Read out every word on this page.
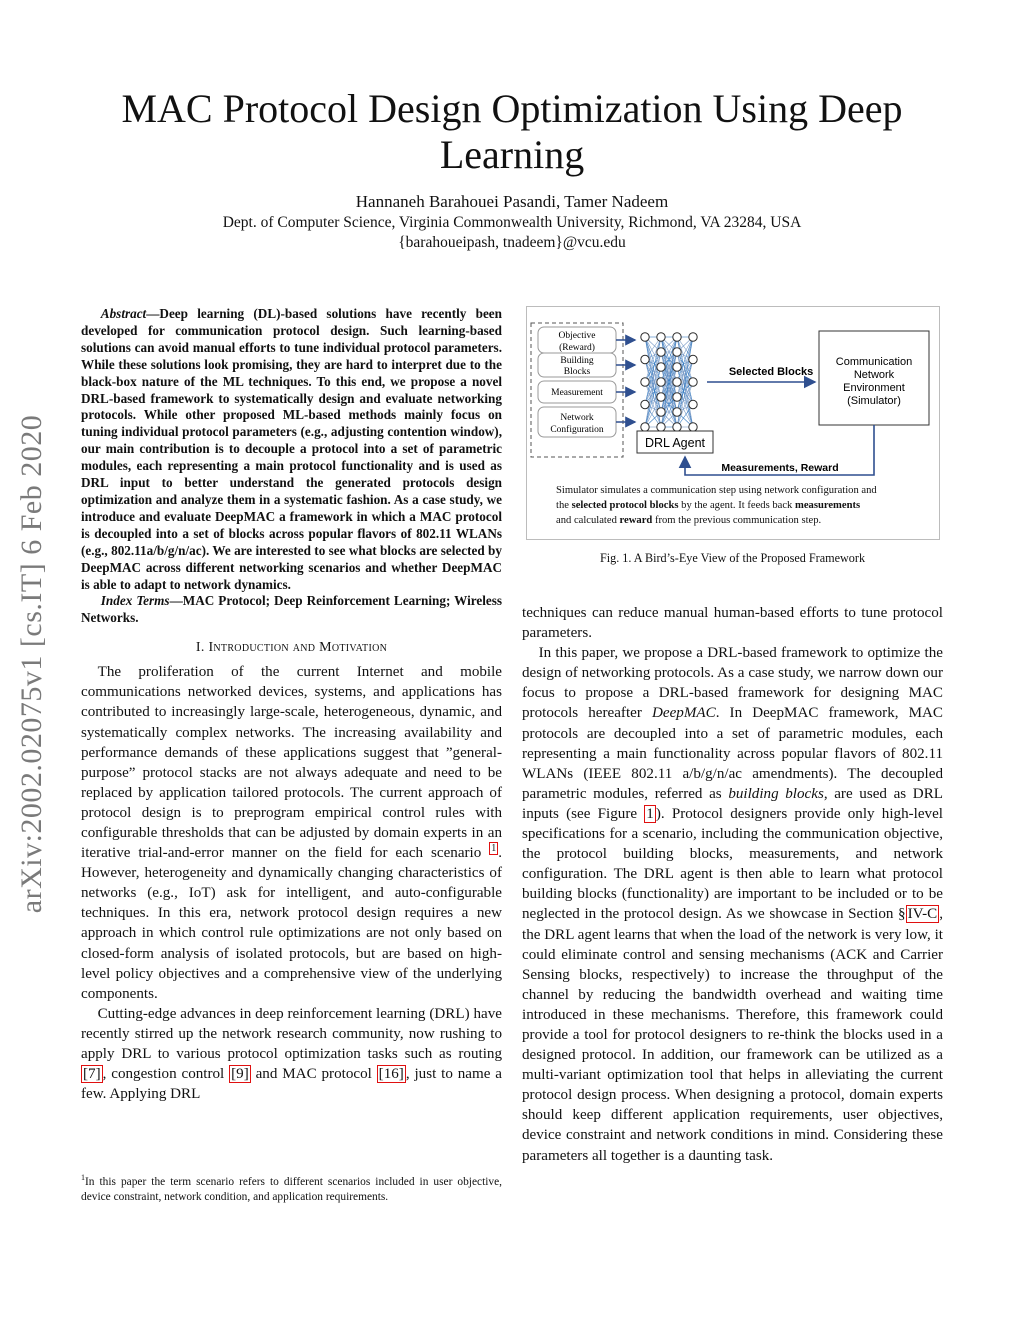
MAC Protocol Design Optimization Using Deep Learning
Hannaneh Barahouei Pasandi, Tamer Nadeem
Dept. of Computer Science, Virginia Commonwealth University, Richmond, VA 23284, USA
{barahoueipash, tnadeem}@vcu.edu
arXiv:2002.02075v1 [cs.IT] 6 Feb 2020

Abstract—Deep learning (DL)-based solutions have recently been developed for communication protocol design. Such learning-based solutions can avoid manual efforts to tune individual protocol parameters. While these solutions look promising, they are hard to interpret due to the black-box nature of the ML techniques. To this end, we propose a novel DRL-based framework to systematically design and evaluate networking protocols. While other proposed ML-based methods mainly focus on tuning individual protocol parameters (e.g., adjusting contention window), our main contribution is to decouple a protocol into a set of parametric modules, each representing a main protocol functionality and is used as DRL input to better understand the generated protocols design optimization and analyze them in a systematic fashion. As a case study, we introduce and evaluate DeepMAC a framework in which a MAC protocol is decoupled into a set of blocks across popular flavors of 802.11 WLANs (e.g., 802.11a/b/g/n/ac). We are interested to see what blocks are selected by DeepMAC across different networking scenarios and whether DeepMAC is able to adapt to network dynamics.

Index Terms—MAC Protocol; Deep Reinforcement Learning; Wireless Networks.

I. Introduction and Motivation

The proliferation of the current Internet and mobile communications networked devices, systems, and applications has contributed to increasingly large-scale, heterogeneous, dynamic, and systematically complex networks. The increasing availability and performance demands of these applications suggest that ”general-purpose” protocol stacks are not always adequate and need to be replaced by application tailored protocols. The current approach of protocol design is to preprogram empirical control rules with configurable thresholds that can be adjusted by domain experts in an iterative trial-and-error manner on the field for each scenario $^1$ . However, heterogeneity and dynamically changing characteristics of networks (e.g., IoT) ask for intelligent, and auto-configurable techniques. In this era, network protocol design requires a new approach in which control rule optimizations are not only based on closed-form analysis of isolated protocols, but are based on high-level policy objectives and a comprehensive view of the underlying components.

Cutting-edge advances in deep reinforcement learning (DRL) have recently stirred up the network research community, now rushing to apply DRL to various protocol optimization tasks such as routing [7] , congestion control [9] and MAC protocol [16] , just to name a few. Applying DRL

$^1$In this paper the term scenario refers to different scenarios included in user objective, device constraint, network condition, and application requirements.
Objective
(Reward)
Building
Blocks
Measurement
Network
Configuration
Selected Blocks
Communication
Network
Environment
(Simulator)
DRL Agent
Measurements, Reward
Simulator simulates a communication step using network configuration and
the selected protocol blocks by the agent. It feeds back measurements
and calculated reward from the previous communication step.
Fig. 1. A Bird’s-Eye View of the Proposed Framework

techniques can reduce manual human-based efforts to tune protocol parameters.

In this paper, we propose a DRL-based framework to optimize the design of networking protocols. As a case study, we narrow down our focus to propose a DRL-based framework for designing MAC protocols hereafter DeepMAC. In DeepMAC framework, MAC protocols are decoupled into a set of parametric modules, each representing a main functionality across popular flavors of 802.11 WLANs (IEEE 802.11 a/b/g/n/ac amendments). The decoupled parametric modules, referred as building blocks, are used as DRL inputs (see Figure 1 ). Protocol designers provide only high-level specifications for a scenario, including the communication objective, the protocol building blocks, measurements, and network configuration. The DRL agent is then able to learn what protocol building blocks (functionality) are important to be included or to be neglected in the protocol design. As we showcase in Section § IV-C , the DRL agent learns that when the load of the network is very low, it could eliminate control and sensing mechanisms (ACK and Carrier Sensing blocks, respectively) to increase the throughput of the channel by reducing the bandwidth overhead and waiting time introduced in these mechanisms. Therefore, this framework could provide a tool for protocol designers to re-think the blocks used in a designed protocol. In addition, our framework can be utilized as a multi-variant optimization tool that helps in alleviating the current protocol design process. When designing a protocol, domain experts should keep different application requirements, user objectives, device constraint and network conditions in mind. Considering these parameters all together is a daunting task.
